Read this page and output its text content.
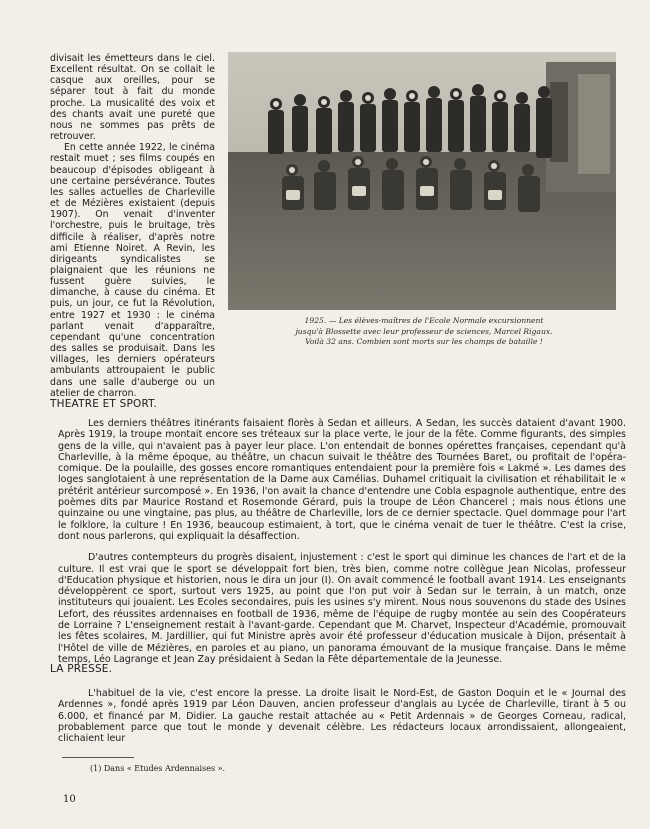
divisait les émetteurs dans le ciel. Excellent résultat. On se collait le casque aux oreilles, pour se séparer tout à fait du monde proche. La musicalité des voix et des chants avait une pureté que nous ne sommes pas prêts de retrouver.

En cette année 1922, le cinéma restait muet ; ses films coupés en beaucoup d'épisodes obligeant à une certaine persévérance. Toutes les salles actuelles de Charleville et de Mézières existaient (depuis 1907). On venait d'inventer l'orchestre, puis le bruitage, très difficile à réaliser, d'après notre ami Etienne Noiret. A Revin, les dirigeants syndicalistes se plaignaient que les réunions ne fussent guère suivies, le dimanche, à cause du cinéma. Et puis, un jour, ce fut la Révolution, entre 1927 et 1930 : le cinéma parlant venait d'apparaître, cependant qu'une concentration des salles se produisait. Dans les villages, les derniers opérateurs ambulants attroupaient le public dans une salle d'auberge ou un atelier de charron.

1925. — Les élèves-maîtres de l'Ecole Normale excursionnent
jusqu'à Blossette avec leur professeur de sciences, Marcel Rigaux.
Voilà 32 ans. Combien sont morts sur les champs de bataille !
THEATRE ET SPORT.

Les derniers théâtres itinérants faisaient florès à Sedan et ailleurs. A Sedan, les succès dataient d'avant 1900. Après 1919, la troupe montait encore ses tréteaux sur la place verte, le jour de la fête. Comme figurants, des simples gens de la ville, qui n'avaient pas à payer leur place. L'on entendait de bonnes opérettes françaises, cependant qu'à Charleville, à la même époque, au théâtre, un chacun suivait le théâtre des Tournées Baret, ou profitait de l'opéra-comique. De la poulaille, des gosses encore romantiques entendaient pour la première fois « Lakmé ». Les dames des loges sanglotaient à une représentation de la Dame aux Camélias. Duhamel critiquait la civilisation et réhabilitait le « prétérit antérieur surcomposé ». En 1936, l'on avait la chance d'entendre une Cobla espagnole authentique, entre des poèmes dits par Maurice Rostand et Rosemonde Gérard, puis la troupe de Léon Chancerel ; mais nous étions une quinzaine ou une vingtaine, pas plus, au théâtre de Charleville, lors de ce dernier spectacle. Quel dommage pour l'art le folklore, la culture ! En 1936, beaucoup estimaient, à tort, que le cinéma venait de tuer le théâtre. C'est la crise, dont nous parlerons, qui expliquait la désaffection.

D'autres contempteurs du progrès disaient, injustement : c'est le sport qui diminue les chances de l'art et de la culture. Il est vrai que le sport se développait fort bien, très bien, comme notre collègue Jean Nicolas, professeur d'Education physique et historien, nous le dira un jour (I). On avait commencé le football avant 1914. Les enseignants développèrent ce sport, surtout vers 1925, au point que l'on put voir à Sedan sur le terrain, à un match, onze instituteurs qui jouaient. Les Ecoles secondaires, puis les usines s'y mirent. Nous nous souvenons du stade des Usines Lefort, des réussites ardennaises en football de 1936, même de l'équipe de rugby montée au sein des Coopérateurs de Lorraine ? L'enseignement restait à l'avant-garde. Cependant que M. Charvet, Inspecteur d'Académie, promouvait les fêtes scolaires, M. Jardillier, qui fut Ministre après avoir été professeur d'éducation musicale à Dijon, présentait à l'Hôtel de ville de Mézières, en paroles et au piano, un panorama émouvant de la musique française. Dans le même temps, Léo Lagrange et Jean Zay présidaient à Sedan la Fête départementale de la Jeunesse.

LA PRESSE.

L'habituel de la vie, c'est encore la presse. La droite lisait le Nord-Est, de Gaston Doquin et le « Journal des Ardennes », fondé après 1919 par Léon Dauven, ancien professeur d'anglais au Lycée de Charleville, tirant à 5 ou 6.000, et financé par M. Didier. La gauche restait attachée au « Petit Ardennais » de Georges Corneau, radical, probablement parce que tout le monde y devenait célèbre. Les rédacteurs locaux arrondissaient, allongeaient, clichaient leur

(1) Dans « Etudes Ardennaises ».
10
